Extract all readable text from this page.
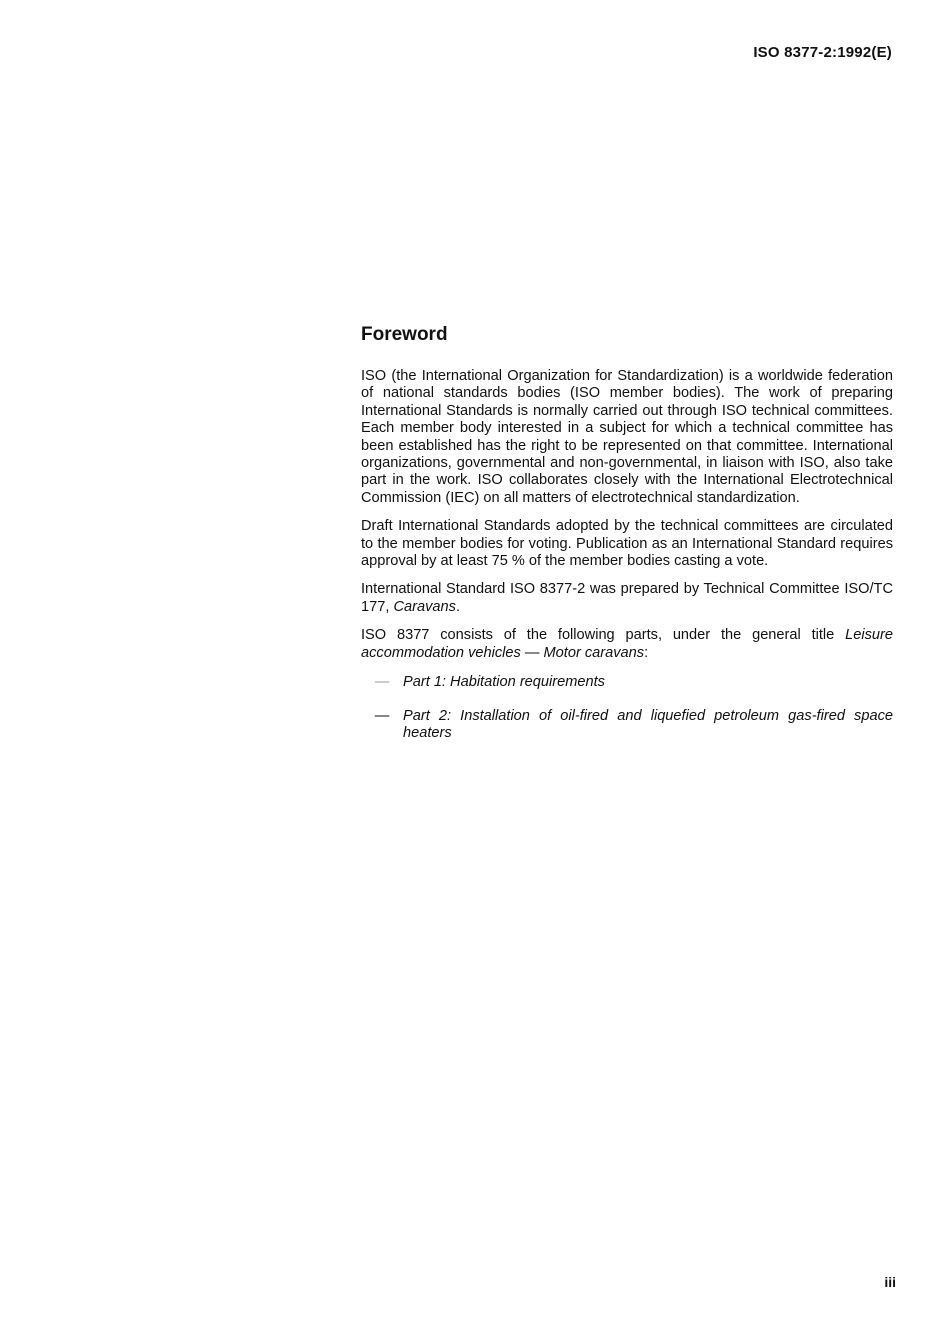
ISO 8377-2:1992(E)
Foreword

ISO (the International Organization for Standardization) is a worldwide federation of national standards bodies (ISO member bodies). The work of preparing International Standards is normally carried out through ISO technical committees. Each member body interested in a subject for which a technical committee has been established has the right to be represented on that committee. International organizations, governmental and non-governmental, in liaison with ISO, also take part in the work. ISO collaborates closely with the International Electrotechnical Commission (IEC) on all matters of electrotechnical standardization.

Draft International Standards adopted by the technical committees are circulated to the member bodies for voting. Publication as an International Standard requires approval by at least 75 % of the member bodies casting a vote.

International Standard ISO 8377-2 was prepared by Technical Committee ISO/TC 177, Caravans.

ISO 8377 consists of the following parts, under the general title Leisure accommodation vehicles — Motor caravans:

— Part 1: Habitation requirements
— Part 2: Installation of oil-fired and liquefied petroleum gas-fired space heaters
iii
